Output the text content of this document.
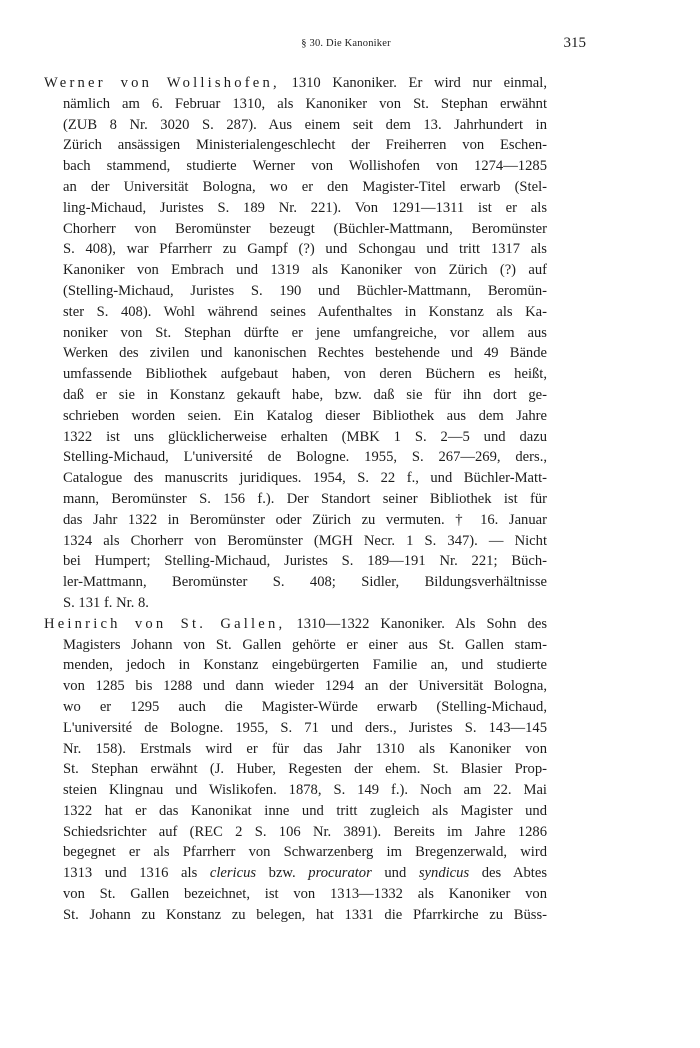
§ 30. Die Kanoniker	315
Werner von Wollishofen, 1310 Kanoniker. Er wird nur einmal,
nämlich am 6. Februar 1310, als Kanoniker von St. Stephan erwähnt
(ZUB 8 Nr. 3020 S. 287). Aus einem seit dem 13. Jahrhundert in
Zürich ansässigen Ministerialengeschlecht der Freiherren von Eschen-
bach stammend, studierte Werner von Wollishofen von 1274—1285
an der Universität Bologna, wo er den Magister-Titel erwarb (Stel-
ling-Michaud, Juristes S. 189 Nr. 221). Von 1291—1311 ist er als
Chorherr von Beromünster bezeugt (Büchler-Mattmann, Beromünster
S. 408), war Pfarrherr zu Gampf (?) und Schongau und tritt 1317 als
Kanoniker von Embrach und 1319 als Kanoniker von Zürich (?) auf
(Stelling-Michaud, Juristes S. 190 und Büchler-Mattmann, Beromün-
ster S. 408). Wohl während seines Aufenthaltes in Konstanz als Ka-
noniker von St. Stephan dürfte er jene umfangreiche, vor allem aus
Werken des zivilen und kanonischen Rechtes bestehende und 49 Bände
umfassende Bibliothek aufgebaut haben, von deren Büchern es heißt,
daß er sie in Konstanz gekauft habe, bzw. daß sie für ihn dort ge-
schrieben worden seien. Ein Katalog dieser Bibliothek aus dem Jahre
1322 ist uns glücklicherweise erhalten (MBK 1 S. 2—5 und dazu
Stelling-Michaud, L'université de Bologne. 1955, S. 267—269, ders.,
Catalogue des manuscrits juridiques. 1954, S. 22 f., und Büchler-Matt-
mann, Beromünster S. 156 f.). Der Standort seiner Bibliothek ist für
das Jahr 1322 in Beromünster oder Zürich zu vermuten. † 16. Januar
1324 als Chorherr von Beromünster (MGH Necr. 1 S. 347). — Nicht
bei Humpert; Stelling-Michaud, Juristes S. 189—191 Nr. 221; Büch-
ler-Mattmann, Beromünster S. 408; Sidler, Bildungsverhältnisse
S. 131 f. Nr. 8.
Heinrich von St. Gallen, 1310—1322 Kanoniker. Als Sohn des
Magisters Johann von St. Gallen gehörte er einer aus St. Gallen stam-
menden, jedoch in Konstanz eingebürgerten Familie an, und studierte
von 1285 bis 1288 und dann wieder 1294 an der Universität Bologna,
wo er 1295 auch die Magister-Würde erwarb (Stelling-Michaud,
L'université de Bologne. 1955, S. 71 und ders., Juristes S. 143—145
Nr. 158). Erstmals wird er für das Jahr 1310 als Kanoniker von
St. Stephan erwähnt (J. Huber, Regesten der ehem. St. Blasier Prop-
steien Klingnau und Wislikofen. 1878, S. 149 f.). Noch am 22. Mai
1322 hat er das Kanonikat inne und tritt zugleich als Magister und
Schiedsrichter auf (REC 2 S. 106 Nr. 3891). Bereits im Jahre 1286
begegnet er als Pfarrherr von Schwarzenberg im Bregenzerwald, wird
1313 und 1316 als clericus bzw. procurator und syndicus des Abtes
von St. Gallen bezeichnet, ist von 1313—1332 als Kanoniker von
St. Johann zu Konstanz zu belegen, hat 1331 die Pfarrkirche zu Büss-
